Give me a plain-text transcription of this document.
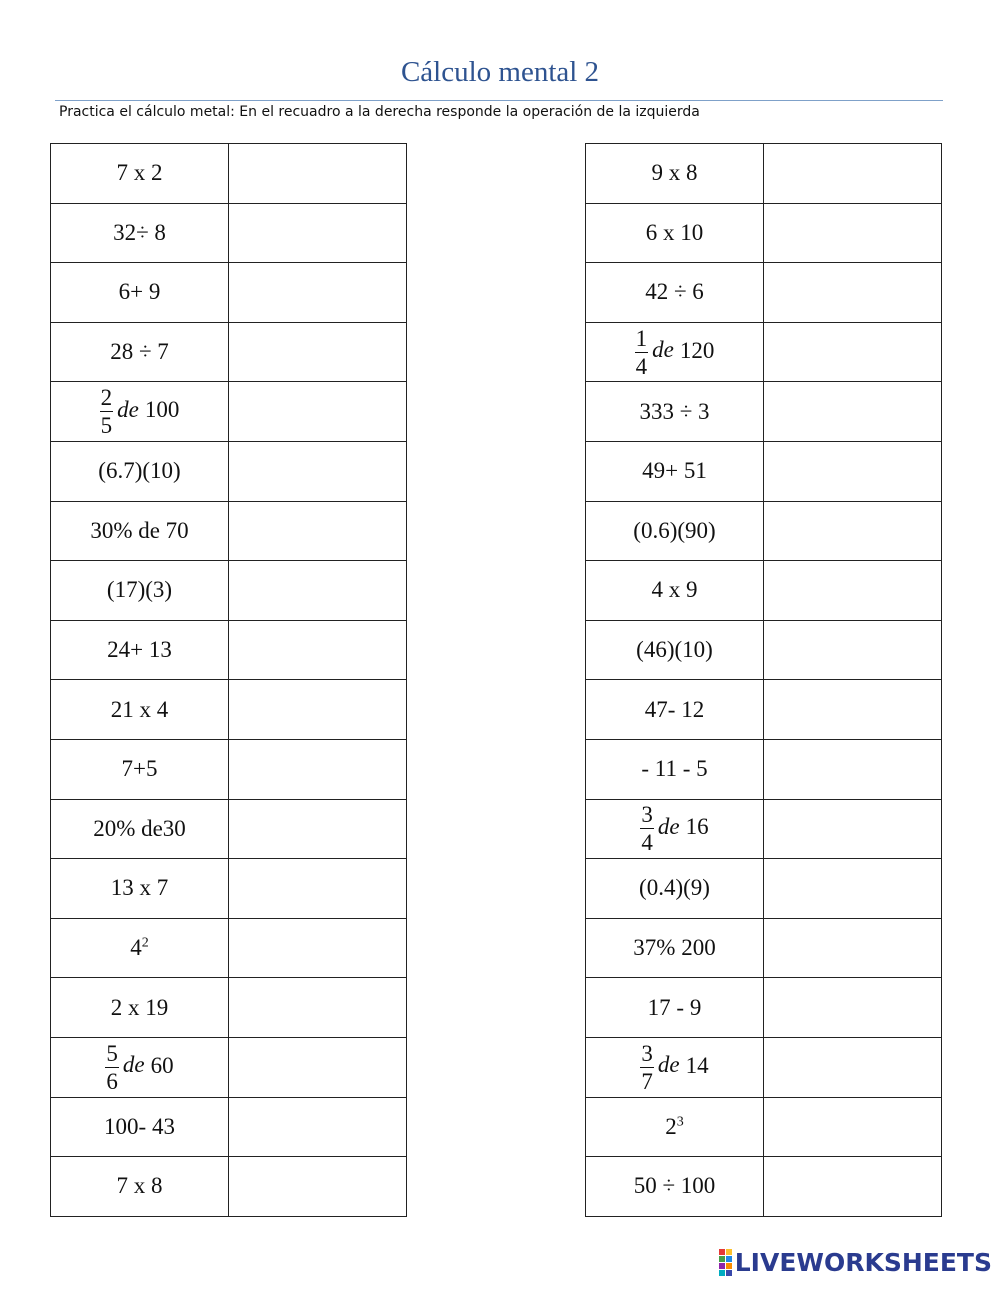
Cálculo mental 2
Practica el cálculo metal: En el recuadro a la derecha responde la operación de la izquierda
7 x 2	
32÷ 8	
6+ 9	
28 ÷ 7	

$\frac{2}{5}$ de 100	
(6.7)(10)	
30% de 70	
(17)(3)	
24+ 13	
21 x 4	
7+5	
20% de30	
13 x 7	
$4^2$	
2 x 19	

$\frac{5}{6}$ de 60	
100- 43	
7 x 8	
9 x 8	
6 x 10	
42 ÷ 6	

$\frac{1}{4}$ de 120	
333 ÷ 3	
49+ 51	
(0.6)(90)	
4 x 9	
(46)(10)	
47- 12	
- 11 - 5	

$\frac{3}{4}$ de 16	
(0.4)(9)	
37% 200	
17 - 9	

$\frac{3}{7}$ de 14	
$2^3$	
50 ÷ 100	
LIVEWORKSHEETS
